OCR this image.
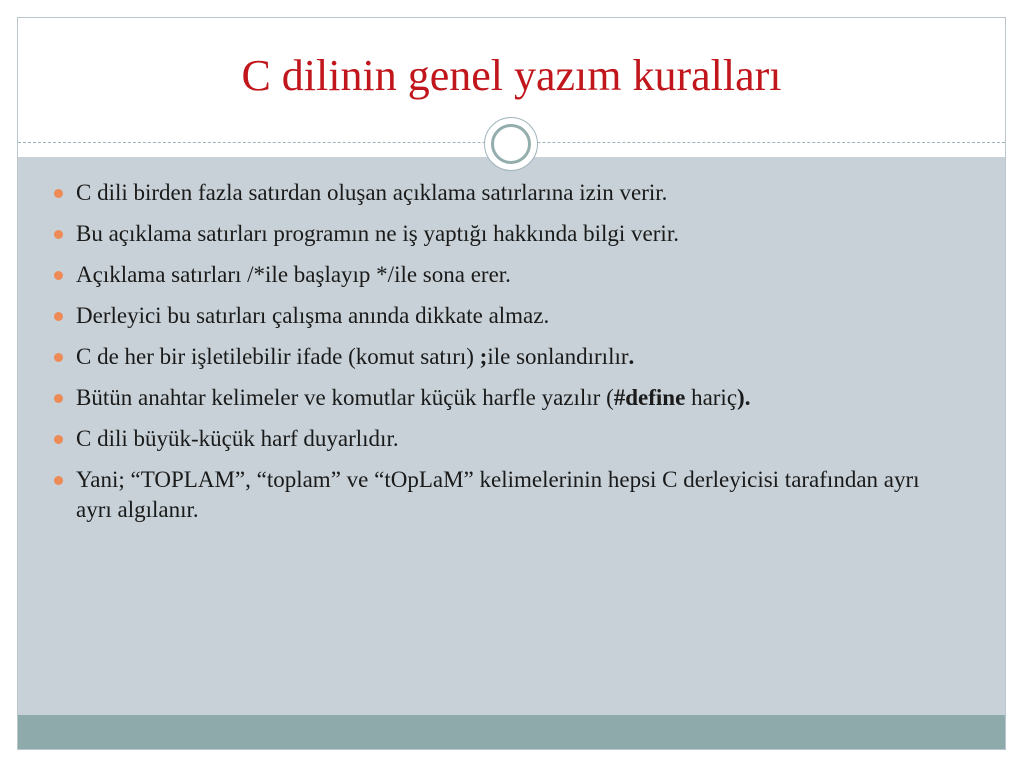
C dilinin genel yazım kuralları
C dili birden fazla satırdan oluşan açıklama satırlarına izin verir.
Bu açıklama satırları programın ne iş yaptığı hakkında bilgi verir.
Açıklama satırları /*ile başlayıp */ile sona erer.
Derleyici bu satırları çalışma anında dikkate almaz.
C de her bir işletilebilir ifade (komut satırı) ;ile sonlandırılır.
Bütün anahtar kelimeler ve komutlar küçük harfle yazılır (#define hariç).
C dili büyük-küçük harf duyarlıdır.
Yani; “TOPLAM”, “toplam” ve “tOpLaM” kelimelerinin hepsi C derleyicisi tarafından ayrı ayrı algılanır.
